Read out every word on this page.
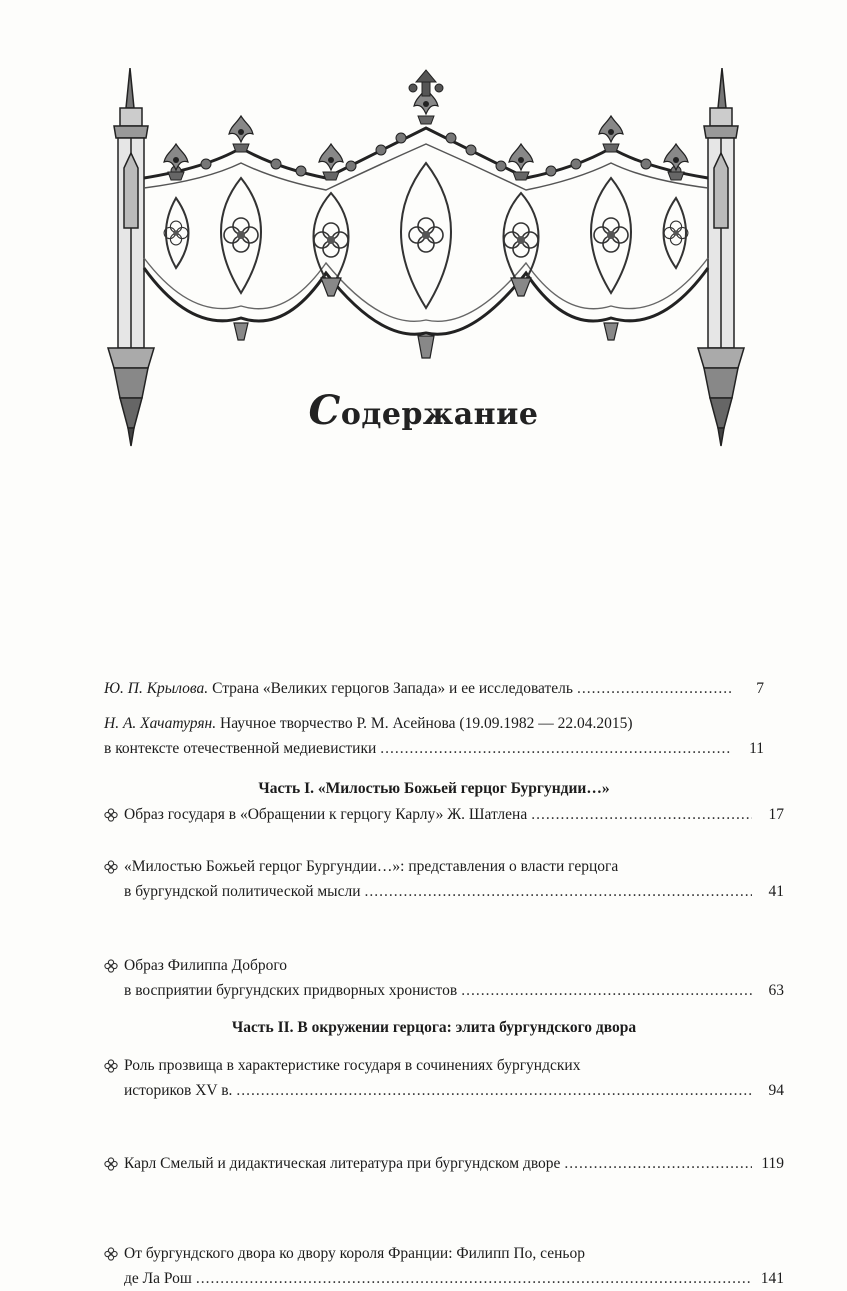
Содержание
Ю. П. Крылова. Страна «Великих герцогов Запада» и ее исследователь .....	7
Н. А. Хачатурян. Научное творчество Р. М. Асейнова (19.09.1982 — 22.04.2015)
в контексте отечественной медиевистики .....	11
Часть I. «Милостью Божьей герцог Бургундии…»
Образ государя в «Обращении к герцогу Карлу» Ж. Шатлена .....	17
«Милостью Божьей герцог Бургундии…»: представления о власти герцога
в бургундской политической мысли .....	41
Образ Филиппа Доброго
в восприятии бургундских придворных хронистов .....	63
Роль прозвища в характеристике государя в сочинениях бургундских
историков XV в. .....	94
Карл Смелый и дидактическая литература при бургундском дворе .....	119
Часть II. В окружении герцога: элита бургундского двора
От бургундского двора ко двору короля Франции: Филипп По, сеньор
де Ла Рош .....	141
